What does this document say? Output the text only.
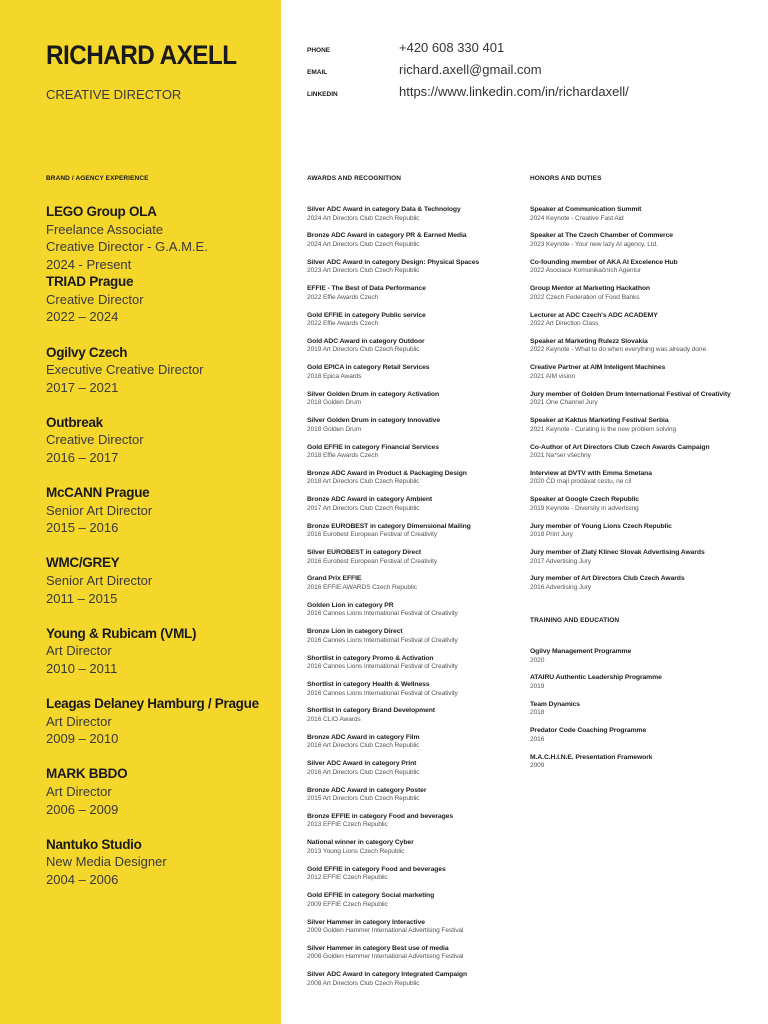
RICHARD AXELL
CREATIVE DIRECTOR
BRAND / AGENCY EXPERIENCE
LEGO Group OLA
Freelance Associate
Creative Director - G.A.M.E.
2024 - Present
TRIAD Prague
Creative Director
2022 – 2024
Ogilvy Czech
Executive Creative Director
2017 – 2021
Outbreak
Creative Director
2016 – 2017
McCANN Prague
Senior Art Director
2015 – 2016
WMC/GREY
Senior Art Director
2011 – 2015
Young & Rubicam (VML)
Art Director
2010 – 2011
Leagas Delaney Hamburg / Prague
Art Director
2009 – 2010
MARK BBDO
Art Director
2006 – 2009
Nantuko Studio
New Media Designer
2004 – 2006
PHONE	+420 608 330 401
EMAIL	richard.axell@gmail.com
LINKEDIN	https://www.linkedin.com/in/richardaxell/
AWARDS AND RECOGNITION
Silver ADC Award in category Data & Technology
2024 Art Directors Club Czech Republic
Bronze ADC Award in category PR & Earned Media
2024 Art Directors Club Czech Republic
Silver ADC Award in category Design: Physical Spaces
2023 Art Directors Club Czech Republic
EFFIE - The Best of Data Performance
2022 Effie Awards Czech
Gold EFFIE in category Public service
2022 Effie Awards Czech
Gold ADC Award in category Outdoor
2019 Art Directors Club Czech Republic
Gold EPICA in category Retail Services
2018 Epica Awards
Silver Golden Drum in category Activation
2018 Golden Drum
Silver Golden Drum in category Innovative
2018 Golden Drum
Gold EFFIE in category Financial Services
2018 Effie Awards Czech
Bronze ADC Award in Product & Packaging Design
2018 Art Directors Club Czech Republic
Bronze ADC Award in category Ambient
2017 Art Directors Club Czech Republic
Bronze EUROBEST in category Dimensional Mailing
2016 Eurobest European Festival of Creativity
Silver EUROBEST in category Direct
2016 Eurobest European Festival of Creativity
Grand Prix EFFIE
2016 EFFIE AWARDS Czech Republic
Golden Lion in category PR
2016 Cannes Lions International Festival of Creativity
Bronze Lion in category Direct
2016 Cannes Lions International Festival of Creativity
Shortlist in category Promo & Activation
2016 Cannes Lions International Festival of Creativity
Shortlist in category Health & Wellness
2016 Cannes Lions International Festival of Creativity
Shortlist in category Brand Development
2016 CLIO Awards
Bronze ADC Award in category Film
2016 Art Directors Club Czech Republic
Silver ADC Award in category Print
2016 Art Directors Club Czech Republic
Bronze ADC Award in category Poster
2015 Art Directors Club Czech Republic
Bronze EFFIE in category Food and beverages
2013 EFFIE Czech Republic
National winner in category Cyber
2013 Young Lions Czech Republic
Gold EFFIE in category Food and beverages
2012 EFFIE Czech Republic
Gold EFFIE in category Social marketing
2009 EFFIE Czech Republic
Silver Hammer in category Interactive
2009 Golden Hammer International Advertising Festival
Silver Hammer in category Best use of media
2008 Golden Hammer International Advertising Festival
Silver ADC Award in category Integrated Campaign
2008 Art Directors Club Czech Republic
HONORS AND DUTIES
Speaker at Communication Summit
2024 Keynote - Creative Fast Aid
Speaker at The Czech Chamber of Commerce
2023 Keynote - Your new lazy AI agency, Ltd.
Co-founding member of AKA AI Excelence Hub
2022 Asociace Komunikačních Agentur
Group Mentor at Marketing Hackathon
2022 Czech Federation of Food Banks
Lecturer at ADC Czech's ADC ACADEMY
2022 Art Direction Class
Speaker at Marketing Rulezz Slovakia
2022 Keynote - What to do when everything was already done
Creative Partner at AIM Inteligent Machines
2021 AIM vision
Jury member of Golden Drum International Festival of Creativity
2021 One Channel Jury
Speaker at Kaktus Marketing Festival Serbia
2021 Keynote - Curating is the new problem solving
Co-Author of Art Directors Club Czech Awards Campaign
2021 Na*ser všechny
Interview at DVTV with Emma Smetana
2020 ČD mají prodávat cestu, ne cíl
Speaker at Google Czech Republic
2019 Keynote - Diversity in advertising
Jury member of Young Lions Czech Republic
2018 Print Jury
Jury member of Zlatý Klinec Slovak Advertising Awards
2017 Advertising Jury
Jury member of Art Directors Club Czech Awards
2016 Advertising Jury
TRAINING AND EDUCATION
Ogilvy Management Programme
2020
ATAIRU Authentic Leadership Programme
2019
Team Dynamics
2018
Predator Code Coaching Programme
2016
M.A.C.H.I.N.E. Presentation Framework
2009
